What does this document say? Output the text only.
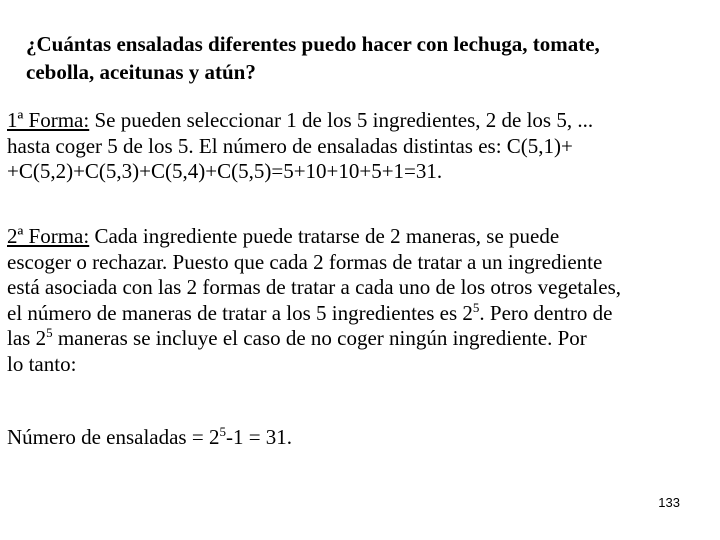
¿Cuántas ensaladas diferentes puedo hacer con lechuga, tomate,
cebolla, aceitunas y atún?
1ª Forma: Se pueden seleccionar 1 de los 5 ingredientes, 2 de los 5, ...
hasta coger 5 de los 5. El número de ensaladas distintas es: C(5,1)+
+C(5,2)+C(5,3)+C(5,4)+C(5,5)=5+10+10+5+1=31.
2ª Forma: Cada ingrediente puede tratarse de 2 maneras, se puede
escoger o rechazar. Puesto que cada 2 formas de tratar a un ingrediente
está asociada con las 2 formas de tratar a cada uno de los otros vegetales,
el número de maneras de tratar a los 5 ingredientes es $2^5$. Pero dentro de
las $2^5$ maneras se incluye el caso de no coger ningún ingrediente. Por
lo tanto:
Número de ensaladas = $2^5-1 = 31$.
133
